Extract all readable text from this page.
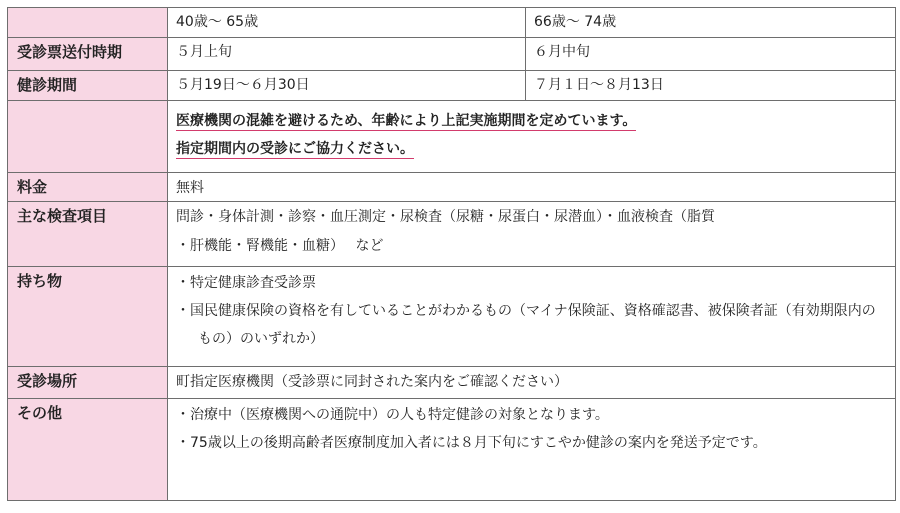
	40歳～ 65歳	66歳～ 74歳
受診票送付時期	５月上旬	６月中旬
健診期間	５月19日～６月30日	７月１日～８月13日

	医療機関の混雑を避けるため、年齢により上記実施期間を定めています。
指定期間内の受診にご協力ください。	

料金	無料	
主な検査項目	問診・身体計測・診察・血圧測定・尿検査（尿糖・尿蛋白・尿潜血）・血液検査（脂質
・肝機能・腎機能・血糖）　 など	

持ち物	・特定健康診査受診票
・国民健康保険の資格を有していることがわかるもの（マイナ保険証、資格確認書、被保険者証（有効期限内のもの）のいずれか）	

受診場所	町指定医療機関（受診票に同封された案内をご確認ください）	
その他	・治療中（医療機関への通院中）の人も特定健診の対象となります。
・75歳以上の後期高齢者医療制度加入者には８月下旬にすこやか健診の案内を発送予定です。	
